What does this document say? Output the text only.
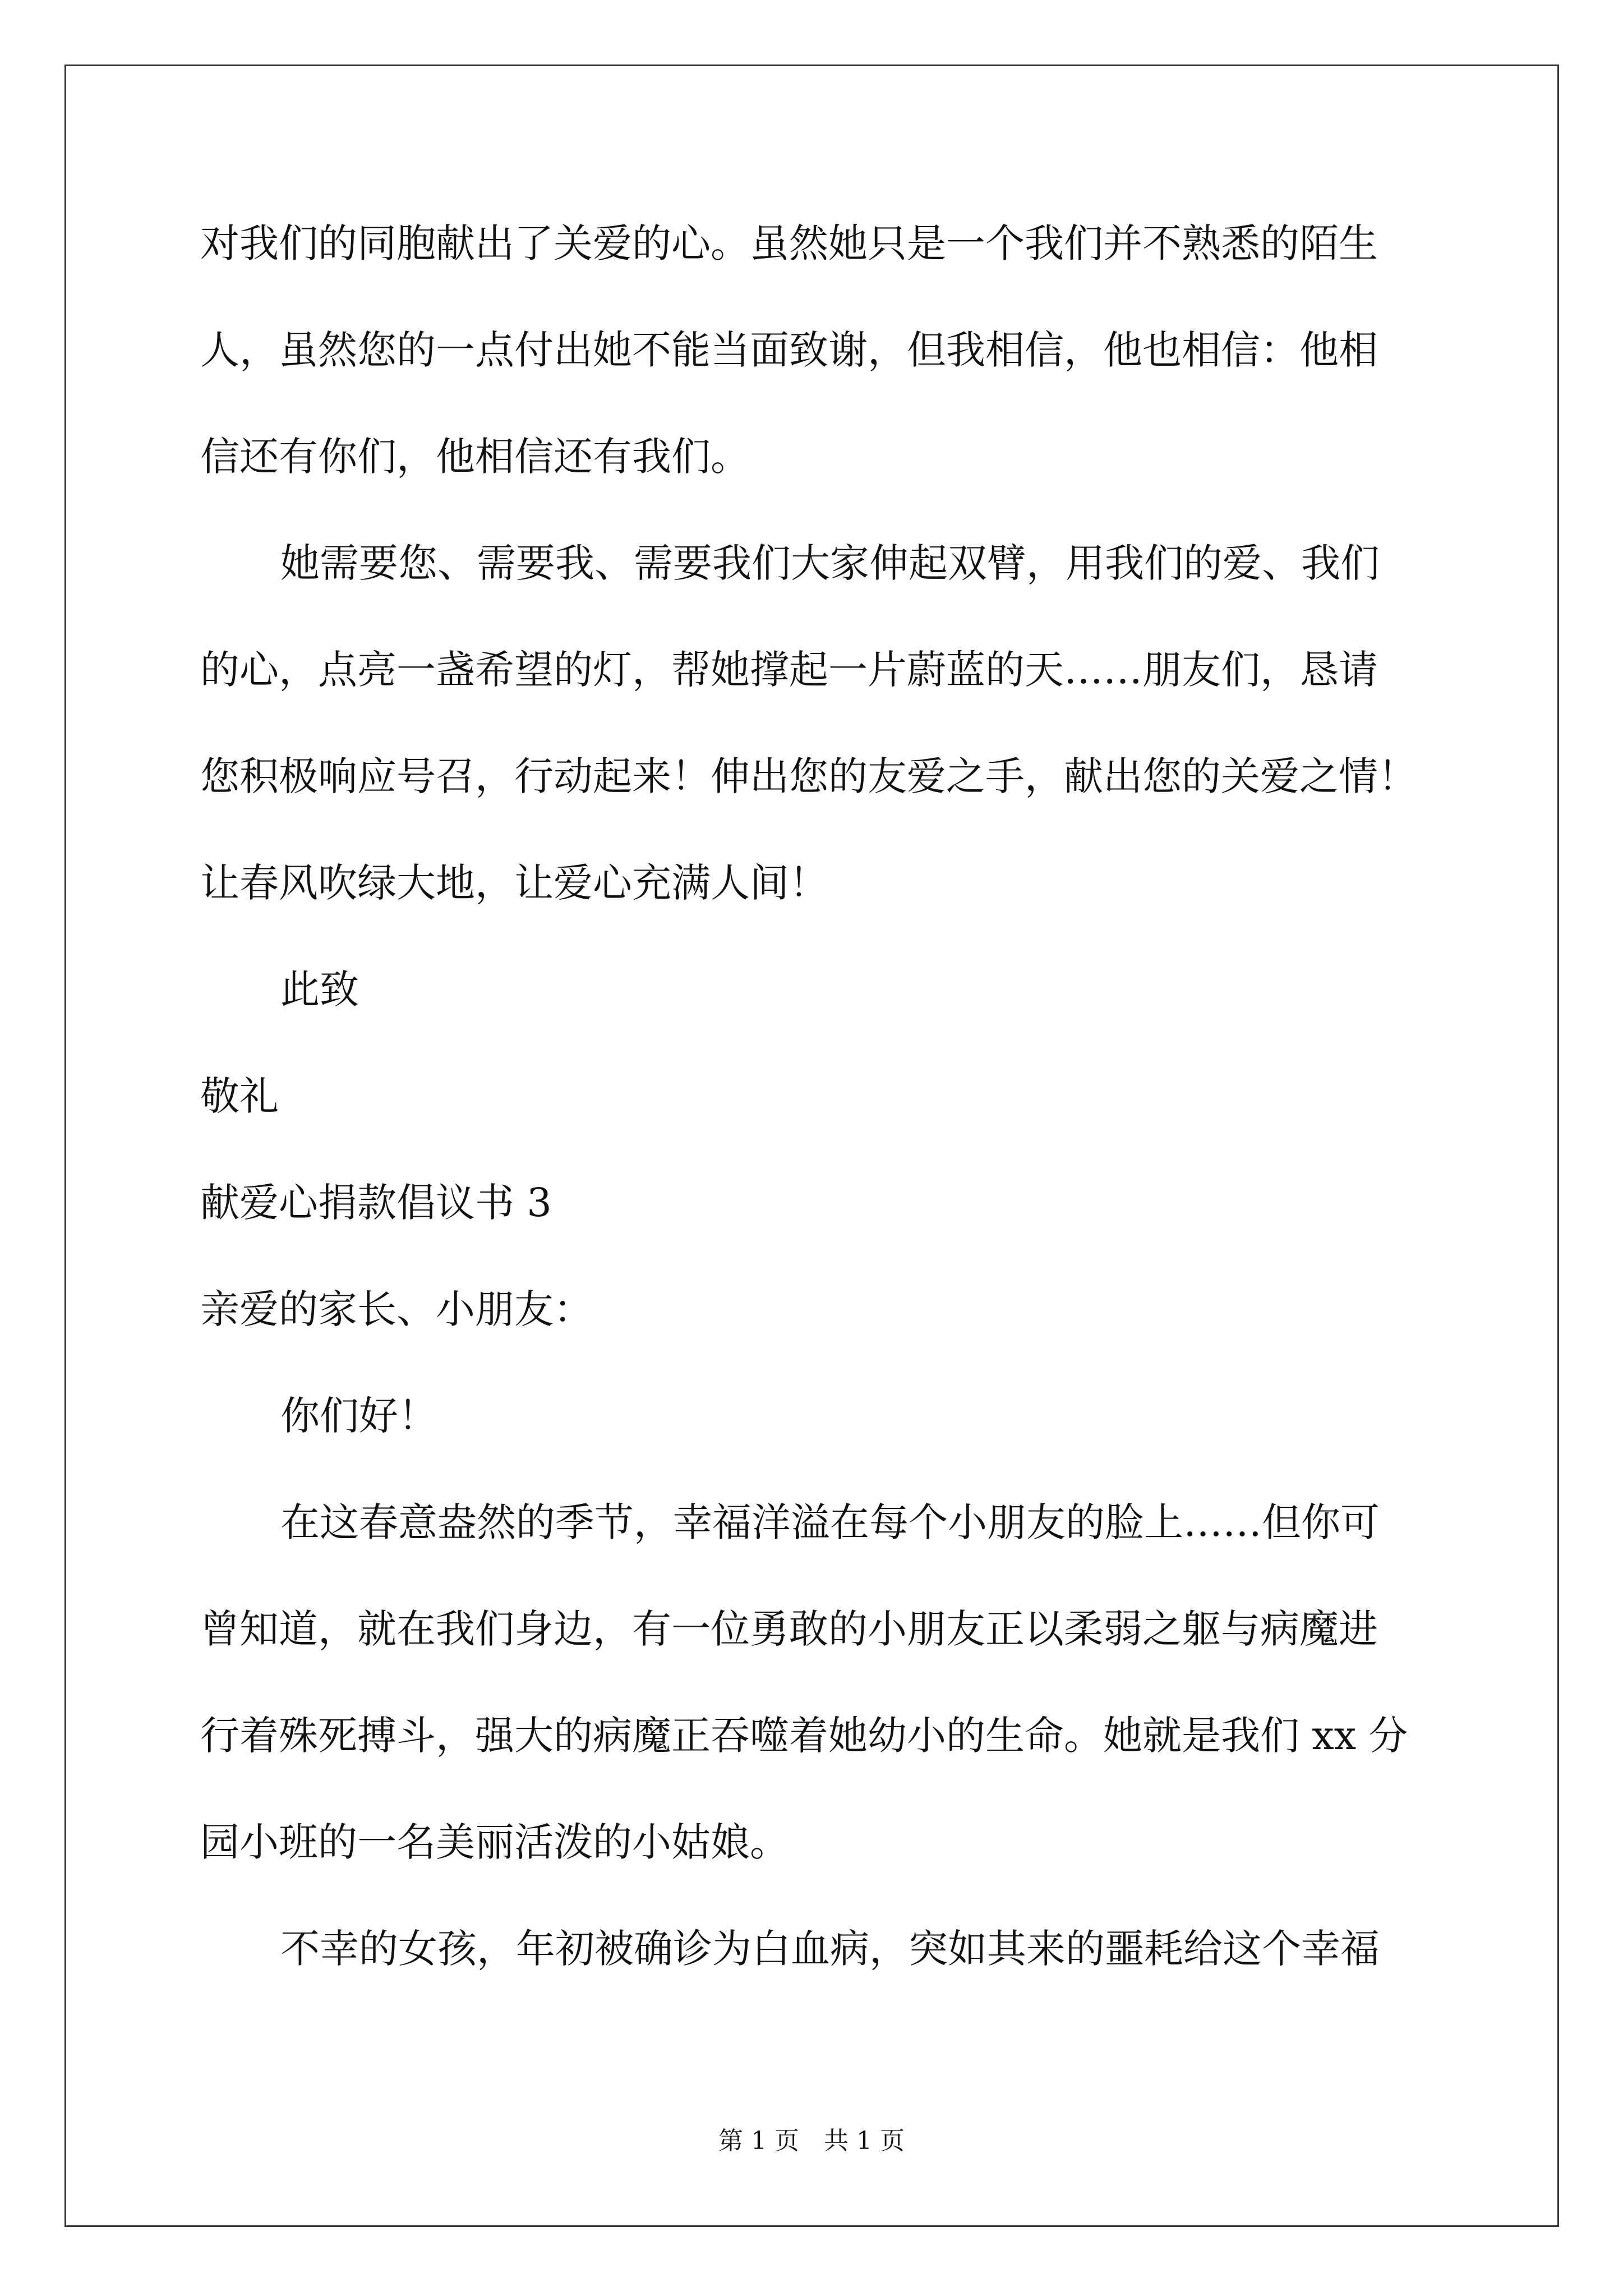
对我们的同胞献出了关爱的心。虽然她只是一个我们并不熟悉的陌生
人，虽然您的一点付出她不能当面致谢，但我相信，他也相信：他相
信还有你们，他相信还有我们。
她需要您、需要我、需要我们大家伸起双臂，用我们的爱、我们
的心，点亮一盏希望的灯，帮她撑起一片蔚蓝的天……朋友们，恳请
您积极响应号召，行动起来！伸出您的友爱之手，献出您的关爱之情！
让春风吹绿大地，让爱心充满人间！
此致
敬礼
献爱心捐款倡议书 3
亲爱的家长、小朋友：
你们好！
在这春意盎然的季节，幸福洋溢在每个小朋友的脸上……但你可
曾知道，就在我们身边，有一位勇敢的小朋友正以柔弱之躯与病魔进
行着殊死搏斗，强大的病魔正吞噬着她幼小的生命。她就是我们 xx 分
园小班的一名美丽活泼的小姑娘。
不幸的女孩，年初被确诊为白血病，突如其来的噩耗给这个幸福
第 1 页　共 1 页
